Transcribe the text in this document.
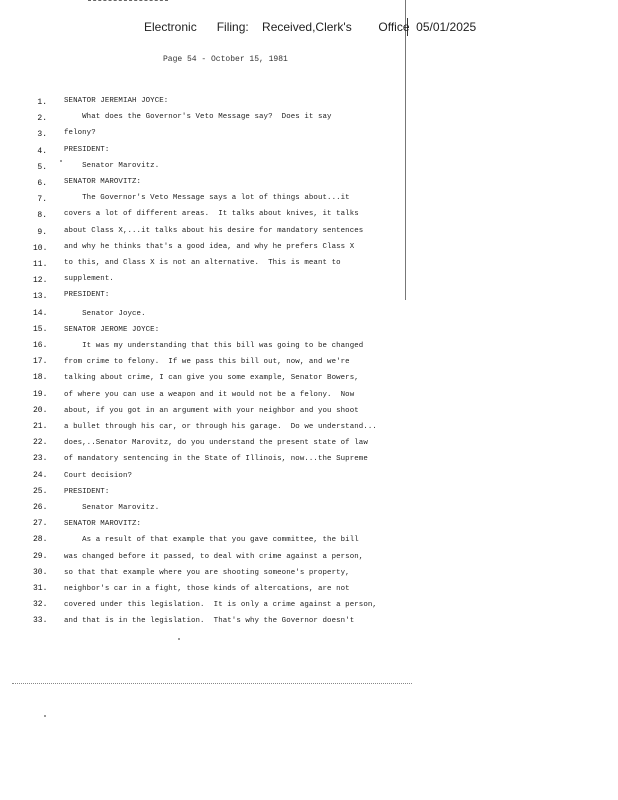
Electronic      Filing:    Received,Clerk's        Office  05/01/2025
Page 54 - October 15, 1981
1. SENATOR JEREMIAH JOYCE:
2. What does the Governor's Veto Message say?  Does it say
3. felony?
4. PRESIDENT:
5. Senator Marovitz.
6. SENATOR MAROVITZ:
7. The Governor's Veto Message says a lot of things about...it
8. covers a lot of different areas.  It talks about knives, it talks
9. about Class X,...it talks about his desire for mandatory sentences
10. and why he thinks that's a good idea, and why he prefers Class X
11. to this, and Class X is not an alternative.  This is meant to
12. supplement.
13. PRESIDENT:
14. Senator Joyce.
15. SENATOR JEROME JOYCE:
16. It was my understanding that this bill was going to be changed
17. from crime to felony.  If we pass this bill out, now, and we're
18. talking about crime, I can give you some example, Senator Bowers,
19. of where you can use a weapon and it would not be a felony.  Now
20. about, if you got in an argument with your neighbor and you shoot
21. a bullet through his car, or through his garage.  Do we understand...
22. does,..Senator Marovitz, do you understand the present state of law
23. of mandatory sentencing in the State of Illinois, now...the Supreme
24. Court decision?
25. PRESIDENT:
26. Senator Marovitz.
27. SENATOR MAROVITZ:
28. As a result of that example that you gave committee, the bill
29. was changed before it passed, to deal with crime against a person,
30. so that that example where you are shooting someone's property,
31. neighbor's car in a fight, those kinds of altercations, are not
32. covered under this legislation.  It is only a crime against a person,
33. and that is in the legislation.  That's why the Governor doesn't
